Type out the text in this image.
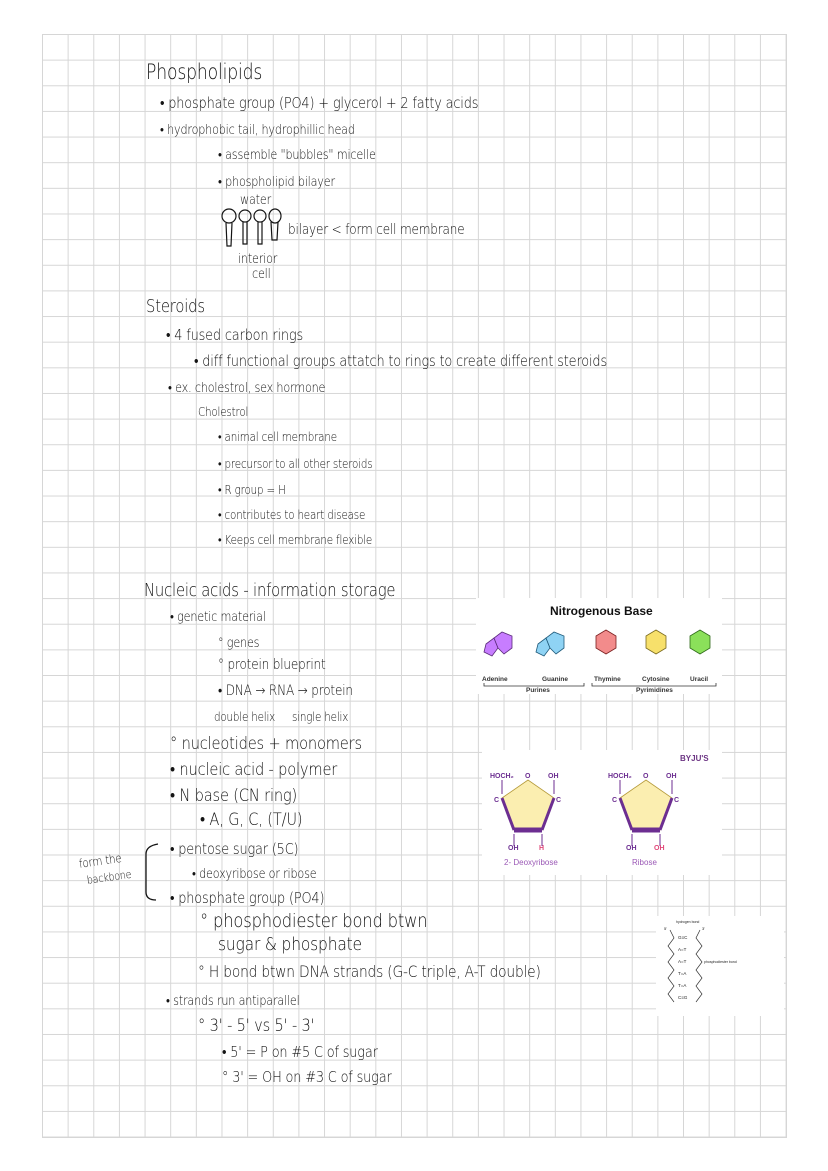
Phospholipids
• phosphate group (PO4) + glycerol + 2 fatty acids
• hydrophobic tail, hydrophillic head
• assemble "bubbles" micelle
• phospholipid bilayer
water
bilayer < form cell membrane
interior
cell
Steroids
• 4 fused carbon rings
• diff functional groups attatch to rings to create different steroids
• ex. cholestrol, sex hormone
Cholestrol
• animal cell membrane
• precursor to all other steroids
• R group = H
• contributes to heart disease
• Keeps cell membrane flexible
Nucleic acids - information storage
• genetic material
° genes
° protein blueprint
• DNA → RNA → protein
double helix single helix
° nucleotides + monomers
• nucleic acid - polymer
• N base (CN ring)
• A, G, C, (T/U)
form the
backbone
• pentose sugar (5C)
• deoxyribose or ribose
• phosphate group (PO4)
° phosphodiester bond btwn
sugar & phosphate
° H bond btwn DNA strands (G-C triple, A-T double)
• strands run antiparallel
° 3' - 5' vs 5' - 3'
• 5' = P on #5 C of sugar
° 3' = OH on #3 C of sugar
Nitrogenous Base
Adenine	Guanine	Thymine	Cytosine	Uracil
Purines	Pyrimidines
BYJU'S
HOCH₂	OH
O
C	C
OH	H
HOCH₂	OH
O
C	C
OH	OH
2- Deoxyribose	Ribose
G≡C
A=T
A=T
T=A
T=A
C≡G
hydrogen bond
phosphodiester bond
5'	3'
